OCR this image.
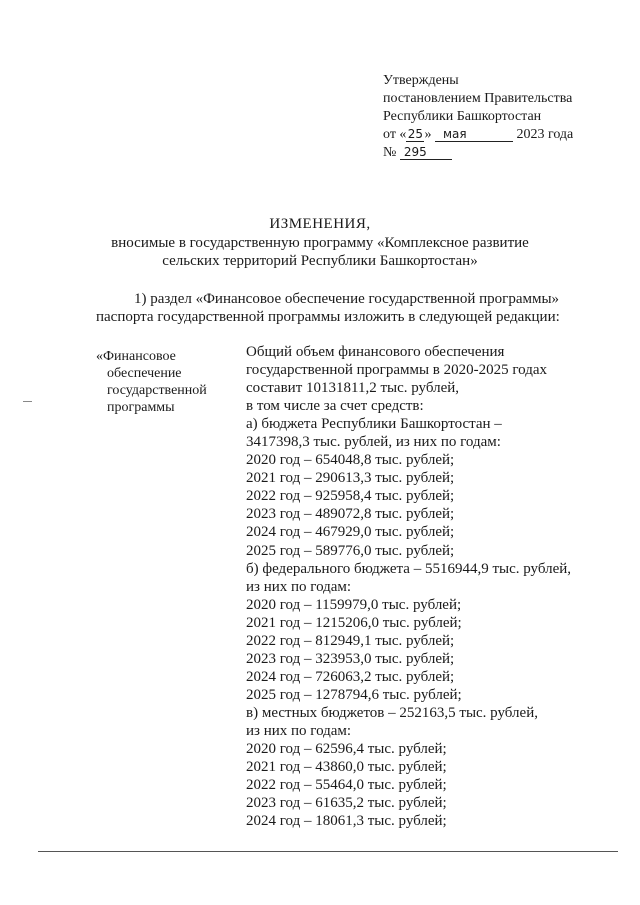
Утверждены
постановлением Правительства
Республики Башкортостан
от «25» мая	2023 года
№ 295
ИЗМЕНЕНИЯ,
вносимые в государственную программу «Комплексное развитие
сельских территорий Республики Башкортостан»
1) раздел «Финансовое обеспечение государственной программы»
паспорта государственной программы изложить в следующей редакции:
«Финансовое
обеспечение
государственной
программы
Общий объем финансового обеспечения
государственной программы в 2020-2025 годах
составит 10131811,2 тыс. рублей,
в том числе за счет средств:
а) бюджета Республики Башкортостан –
3417398,3 тыс. рублей, из них по годам:
2020 год – 654048,8 тыс. рублей;
2021 год – 290613,3 тыс. рублей;
2022 год – 925958,4 тыс. рублей;
2023 год – 489072,8 тыс. рублей;
2024 год – 467929,0 тыс. рублей;
2025 год – 589776,0 тыс. рублей;
б) федерального бюджета – 5516944,9 тыс. рублей,
из них по годам:
2020 год – 1159979,0 тыс. рублей;
2021 год – 1215206,0 тыс. рублей;
2022 год – 812949,1 тыс. рублей;
2023 год – 323953,0 тыс. рублей;
2024 год – 726063,2 тыс. рублей;
2025 год – 1278794,6 тыс. рублей;
в) местных бюджетов – 252163,5 тыс. рублей,
из них по годам:
2020 год – 62596,4 тыс. рублей;
2021 год – 43860,0 тыс. рублей;
2022 год – 55464,0 тыс. рублей;
2023 год – 61635,2 тыс. рублей;
2024 год – 18061,3 тыс. рублей;
